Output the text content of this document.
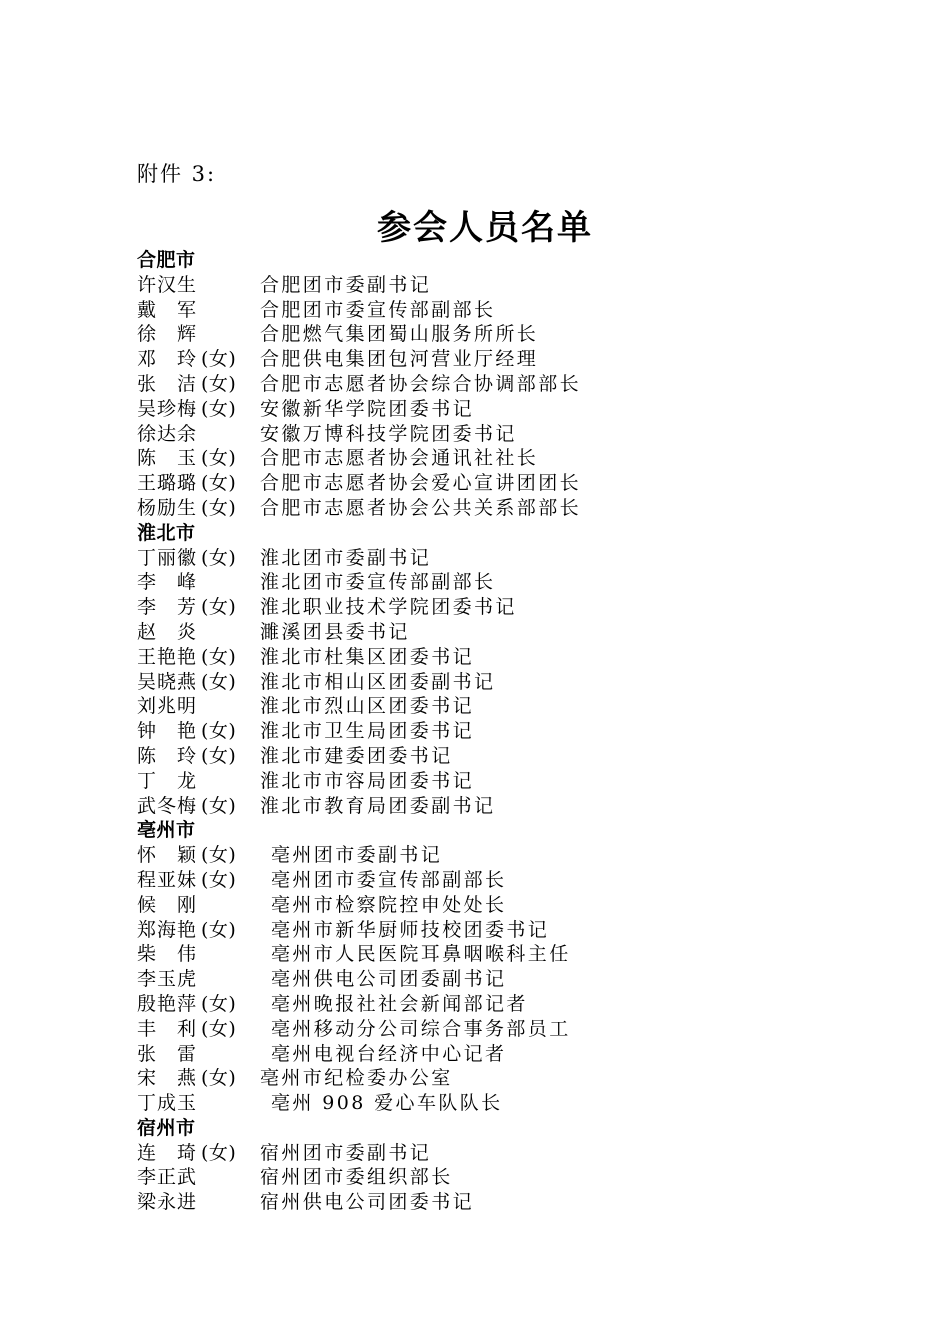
附件 3:
参会人员名单
合肥市
许汉生	合肥团市委副书记
戴　军	合肥团市委宣传部副部长
徐　辉	合肥燃气集团蜀山服务所所长
邓　玲 (女) 合肥供电集团包河营业厅经理
张　洁 (女) 合肥市志愿者协会综合协调部部长
吴珍梅 (女) 安徽新华学院团委书记
徐达余	安徽万博科技学院团委书记
陈　玉 (女) 合肥市志愿者协会通讯社社长
王璐璐 (女) 合肥市志愿者协会爱心宣讲团团长
杨励生 (女) 合肥市志愿者协会公共关系部部长
淮北市
丁丽徽 (女) 淮北团市委副书记
李　峰	淮北团市委宣传部副部长
李　芳 (女) 淮北职业技术学院团委书记
赵　炎	濉溪团县委书记
王艳艳 (女) 淮北市杜集区团委书记
吴晓燕 (女) 淮北市相山区团委副书记
刘兆明	淮北市烈山区团委书记
钟　艳 (女) 淮北市卫生局团委书记
陈　玲 (女) 淮北市建委团委书记
丁　龙	淮北市市容局团委书记
武冬梅 (女) 淮北市教育局团委副书记
亳州市
怀　颖 (女) 亳州团市委副书记
程亚妹 (女) 亳州团市委宣传部副部长
候　刚	亳州市检察院控申处处长
郑海艳 (女) 亳州市新华厨师技校团委书记
柴　伟	亳州市人民医院耳鼻咽喉科主任
李玉虎	亳州供电公司团委副书记
殷艳萍 (女) 亳州晚报社社会新闻部记者
丰　利 (女) 亳州移动分公司综合事务部员工
张　雷	亳州电视台经济中心记者
宋　燕 (女) 亳州市纪检委办公室
丁成玉	亳州 908 爱心车队队长
宿州市
连　琦 (女) 宿州团市委副书记
李正武	宿州团市委组织部长
梁永进	宿州供电公司团委书记
